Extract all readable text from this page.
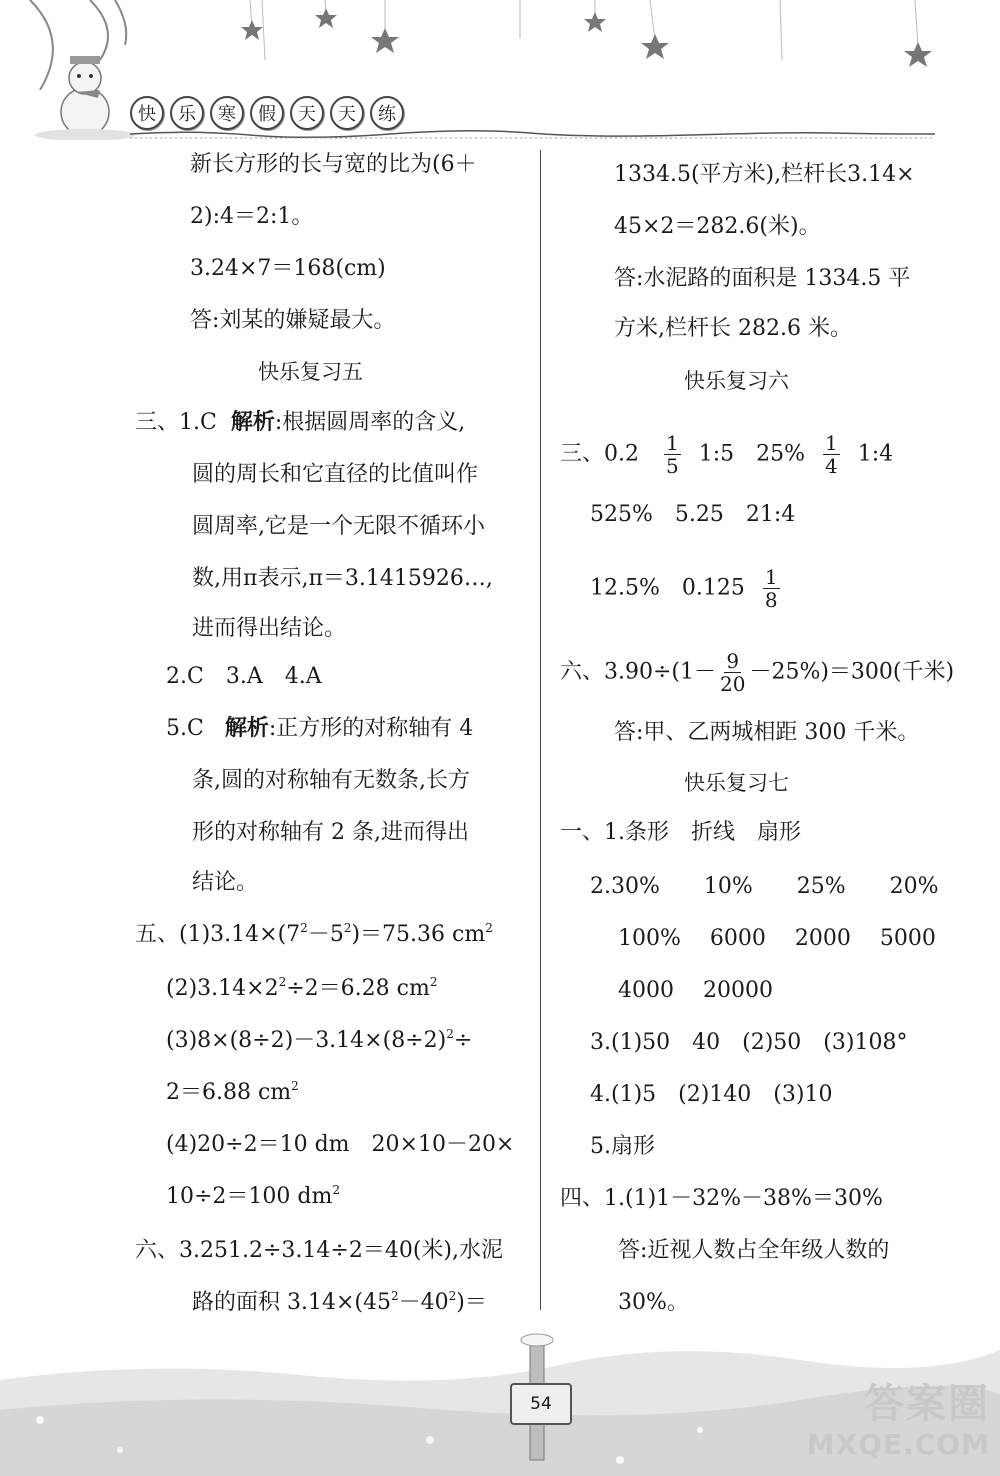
快	乐	寒	假	天	天	练
新长方形的长与宽的比为(6＋
2):4＝2:1。
3.24×7＝168(cm)
答:刘某的嫌疑最大。
快乐复习五
三、1.C 解析:根据圆周率的含义,
圆的周长和它直径的比值叫作
圆周率,它是一个无限不循环小
数,用π表示,π＝3.1415926…,
进而得出结论。
2.C　3.A　4.A
5.C 解析:正方形的对称轴有 4
条,圆的对称轴有无数条,长方
形的对称轴有 2 条,进而得出
结论。
五、$(1)3.14\times(7^2-5^2)=75.36$ $cm^2$
$(2)3.14\times 2^2\div 2=6.28$ $cm^2$
$(3)8\times(8\div 2)-3.14\times(8\div 2)^2\div$
2＝6.88 $cm^2$
(4)20÷2＝10 dm　20×10－20×
10÷2＝100 $dm^2$
六、3.251.2÷3.14÷2＝40(米),水泥
路的面积 $3.14\times(45^2-40^2)=$
1334.5(平方米),栏杆长3.14×
45×2＝282.6(米)。
答:水泥路的面积是 1334.5 平
方米,栏杆长 282.6 米。
快乐复习六
三、$0.2 \frac{1}{5}$ 1:5　$25\% \frac{1}{4}$ 1:4
525%　5.25　21:4
12.5%　$0.125 \frac{1}{8}$
六、$3.90\div(1- \frac{9}{20} -25\%)=300$(千米)
答:甲、乙两城相距 300 千米。
快乐复习七
一、1.条形　折线　扇形
2.30%　　10%　　25%　　20%
100%　 6000　 2000　 5000
4000　 20000
3.(1)50　40　(2)50　(3)108°
4.(1)5　(2)140　(3)10
5.扇形
四、1.(1)1－32%－38%＝30%
答:近视人数占全年级人数的
30%。
54	答案圈
MXQE.COM
